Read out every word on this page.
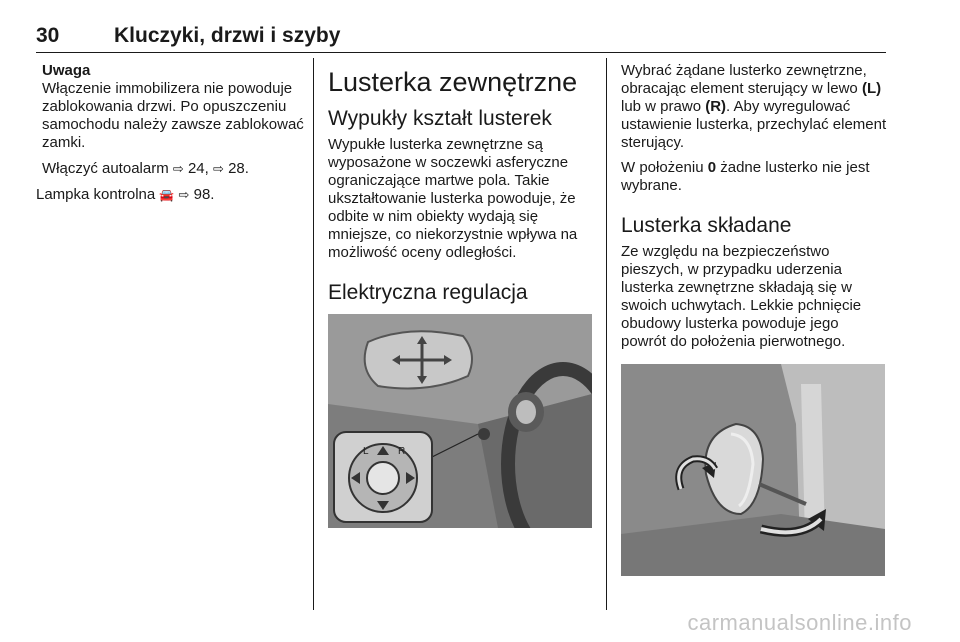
30	Kluczyki, drzwi i szyby
Uwaga
Włączenie immobilizera nie powoduje zablokowania drzwi. Po opuszczeniu samochodu należy zawsze zablokować zamki.

Włączyć autoalarm ⇨ 24, ⇨ 28.

Lampka kontrolna 🚘 ⇨ 98.
Lusterka zewnętrzne
Wypukły kształt lusterek

Wypukłe lusterka zewnętrzne są wyposażone w soczewki asferyczne ograniczające martwe pola. Takie ukształtowanie lusterka powoduje, że odbite w nim obiekty wydają się mniejsze, co niekorzystnie wpływa na możliwość oceny odległości.

Elektryczna regulacja
L	R

Wybrać żądane lusterko zewnętrzne, obracając element sterujący w lewo (L) lub w prawo (R). Aby wyregulować ustawienie lusterka, przechylać element sterujący.

W położeniu 0 żadne lusterko nie jest wybrane.

Lusterka składane

Ze względu na bezpieczeństwo pieszych, w przypadku uderzenia lusterka zewnętrzne składają się w swoich uchwytach. Lekkie pchnięcie obudowy lusterka powoduje jego powrót do położenia pierwotnego.

carmanualsonline.info
